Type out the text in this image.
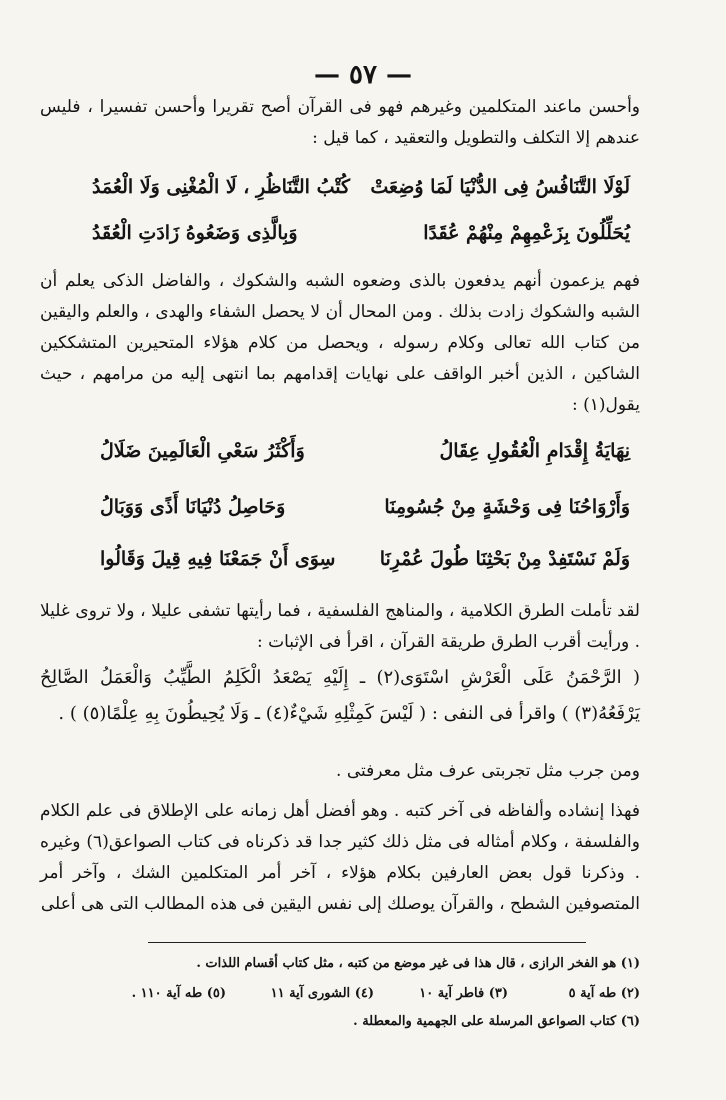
— ٥٧ —

وأحسن ماعند المتكلمين وغيرهم فهو فى القرآن أصح تقريرا وأحسن تفسيرا ، فليس عندهم إلا التكلف والتطويل والتعقيد ، كما قيل :

لَوْلَا التَّنَافُسُ فِى الدُّنْيَا لَمَا وُضِعَتْ
كُتْبُ التَّنَاظُرِ ، لَا الْمُغْنِى وَلَا الْعُمَدُ
يُحَلِّلُونَ بِزَعْمِهِمْ مِنْهُمْ عُقَدًا
وَبِالَّذِى وَضَعُوهُ زَادَتِ الْعُقَدُ

فهم يزعمون أنهم يدفعون بالذى وضعوه الشبه والشكوك ، والفاضل الذكى يعلم أن الشبه والشكوك زادت بذلك . ومن المحال أن لا يحصل الشفاء والهدى ، والعلم واليقين من كتاب الله تعالى وكلام رسوله ، ويحصل من كلام هؤلاء المتحيرين المتشككين الشاكين ، الذين أخبر الواقف على نهايات إقدامهم بما انتهى إليه من مرامهم ، حيث يقول(١) :

نِهَايَةُ إِقْدَامِ الْعُقُولِ عِقَالُ
وَأَكْثَرُ سَعْىِ الْعَالَمِينَ ضَلَالُ
وَأَرْوَاحُنَا فِى وَحْشَةٍ مِنْ جُسُومِنَا
وَحَاصِلُ دُنْيَانَا أَذًى وَوَبَالُ
وَلَمْ نَسْتَفِدْ مِنْ بَحْثِنَا طُولَ عُمْرِنَا
سِوَى أَنْ جَمَعْنَا فِيهِ قِيلَ وَقَالُوا

لقد تأملت الطرق الكلامية ، والمناهج الفلسفية ، فما رأيتها تشفى عليلا ، ولا تروى غليلا . ورأيت أقرب الطرق طريقة القرآن ، اقرأ فى الإثبات :

( الرَّحْمَنُ عَلَى الْعَرْشِ اسْتَوَى(٢) ـ إِلَيْهِ يَصْعَدُ الْكَلِمُ الطَّيِّبُ وَالْعَمَلُ الصَّالِحُ يَرْفَعُهُ(٣) ) واقرأ فى النفى : ( لَيْسَ كَمِثْلِهِ شَيْءٌ(٤) ـ وَلَا يُحِيطُونَ بِهِ عِلْمًا(٥) ) .

ومن جرب مثل تجربتى عرف مثل معرفتى .

فهذا إنشاده وألفاظه فى آخر كتبه . وهو أفضل أهل زمانه على الإطلاق فى علم الكلام والفلسفة ، وكلام أمثاله فى مثل ذلك كثير جدا قد ذكرناه فى كتاب الصواعق(٦) وغيره . وذكرنا قول بعض العارفين بكلام هؤلاء ، آخر أمر المتكلمين الشك ، وآخر أمر المتصوفين الشطح ، والقرآن يوصلك إلى نفس اليقين فى هذه المطالب التى هى أعلى

(١) هو الفخر الرازى ، قال هذا فى غير موضع من كتبه ، مثل كتاب أقسام اللذات .
(٢) طه آية ٥
(٣) فاطر آية ١٠
(٤) الشورى آية ١١
(٥) طه آية ١١٠ .
(٦) كتاب الصواعق المرسلة على الجهمية والمعطلة .
